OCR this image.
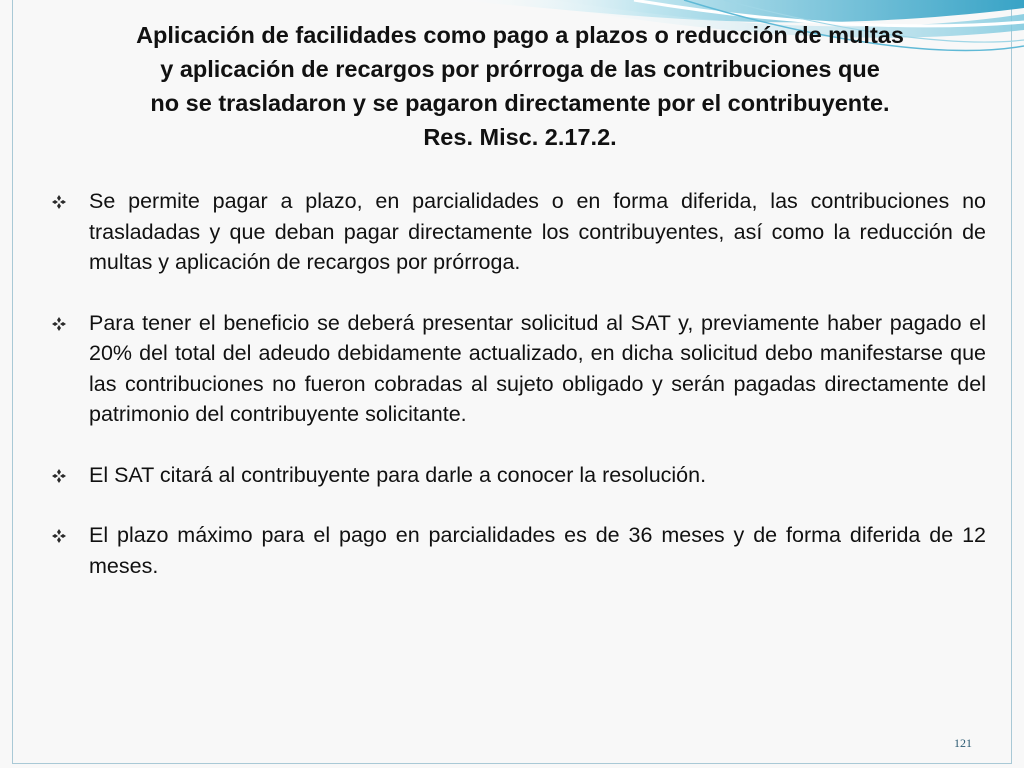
Aplicación de facilidades como pago a plazos o reducción de multas
y aplicación de recargos por prórroga de las contribuciones que
no se trasladaron y se pagaron directamente por el contribuyente.
Res. Misc. 2.17.2.
Se permite pagar a plazo, en parcialidades o en forma diferida, las contribuciones no trasladadas y que deban pagar directamente los contribuyentes, así como la reducción de multas y aplicación de recargos por prórroga.
Para tener el beneficio se deberá presentar solicitud al SAT y, previamente haber pagado el 20% del total del adeudo debidamente actualizado, en dicha solicitud debo manifestarse que las contribuciones no fueron cobradas al sujeto obligado y serán pagadas directamente del patrimonio del contribuyente solicitante.
El SAT citará al contribuyente para darle a conocer la resolución.
El plazo máximo para el pago en parcialidades es de 36 meses y de forma diferida de 12 meses.
121
